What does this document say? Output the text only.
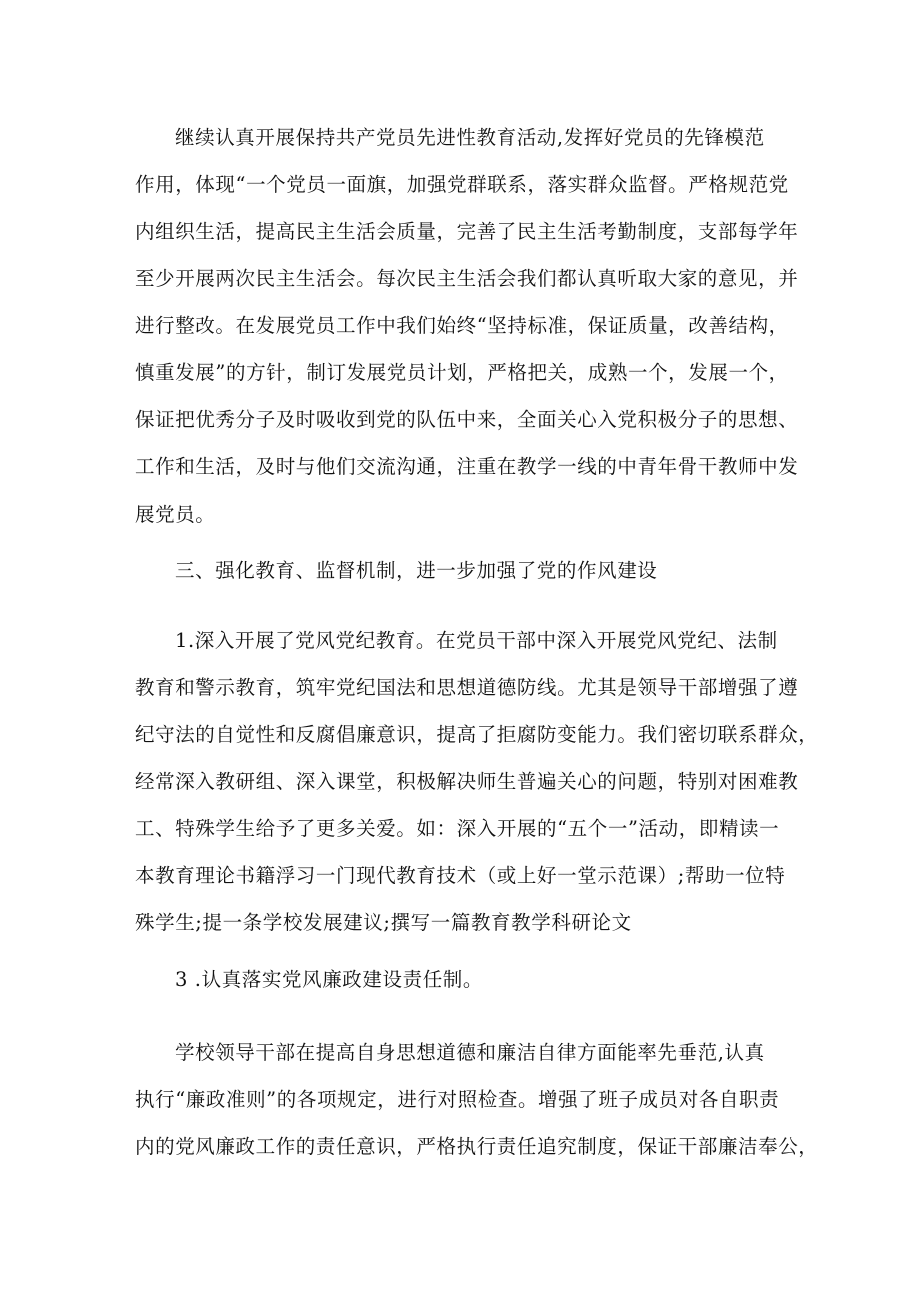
继续认真开展保持共产党员先进性教育活动,发挥好党员的先锋模范
作用，体现“一个党员一面旗，加强党群联系，落实群众监督。严格规范党
内组织生活，提高民主生活会质量，完善了民主生活考勤制度，支部每学年
至少开展两次民主生活会。每次民主生活会我们都认真听取大家的意见，并
进行整改。在发展党员工作中我们始终“坚持标准，保证质量，改善结构，
慎重发展”的方针，制订发展党员计划，严格把关，成熟一个，发展一个，
保证把优秀分子及时吸收到党的队伍中来，全面关心入党积极分子的思想、
工作和生活，及时与他们交流沟通，注重在教学一线的中青年骨干教师中发
展党员。
三、强化教育、监督机制，进一步加强了党的作风建设
1.深入开展了党风党纪教育。在党员干部中深入开展党风党纪、法制
教育和警示教育，筑牢党纪国法和思想道德防线。尤其是领导干部增强了遵
纪守法的自觉性和反腐倡廉意识，提高了拒腐防变能力。我们密切联系群众，
经常深入教研组、深入课堂，积极解决师生普遍关心的问题，特别对困难教
工、特殊学生给予了更多关爱。如：深入开展的“五个一”活动，即精读一
本教育理论书籍浮习一门现代教育技术（或上好一堂示范课）;帮助一位特
殊学生;提一条学校发展建议;撰写一篇教育教学科研论文
3 .认真落实党风廉政建设责任制。
学校领导干部在提高自身思想道德和廉洁自律方面能率先垂范,认真
执行“廉政准则”的各项规定，进行对照检查。增强了班子成员对各自职责
内的党风廉政工作的责任意识，严格执行责任追究制度，保证干部廉洁奉公，
